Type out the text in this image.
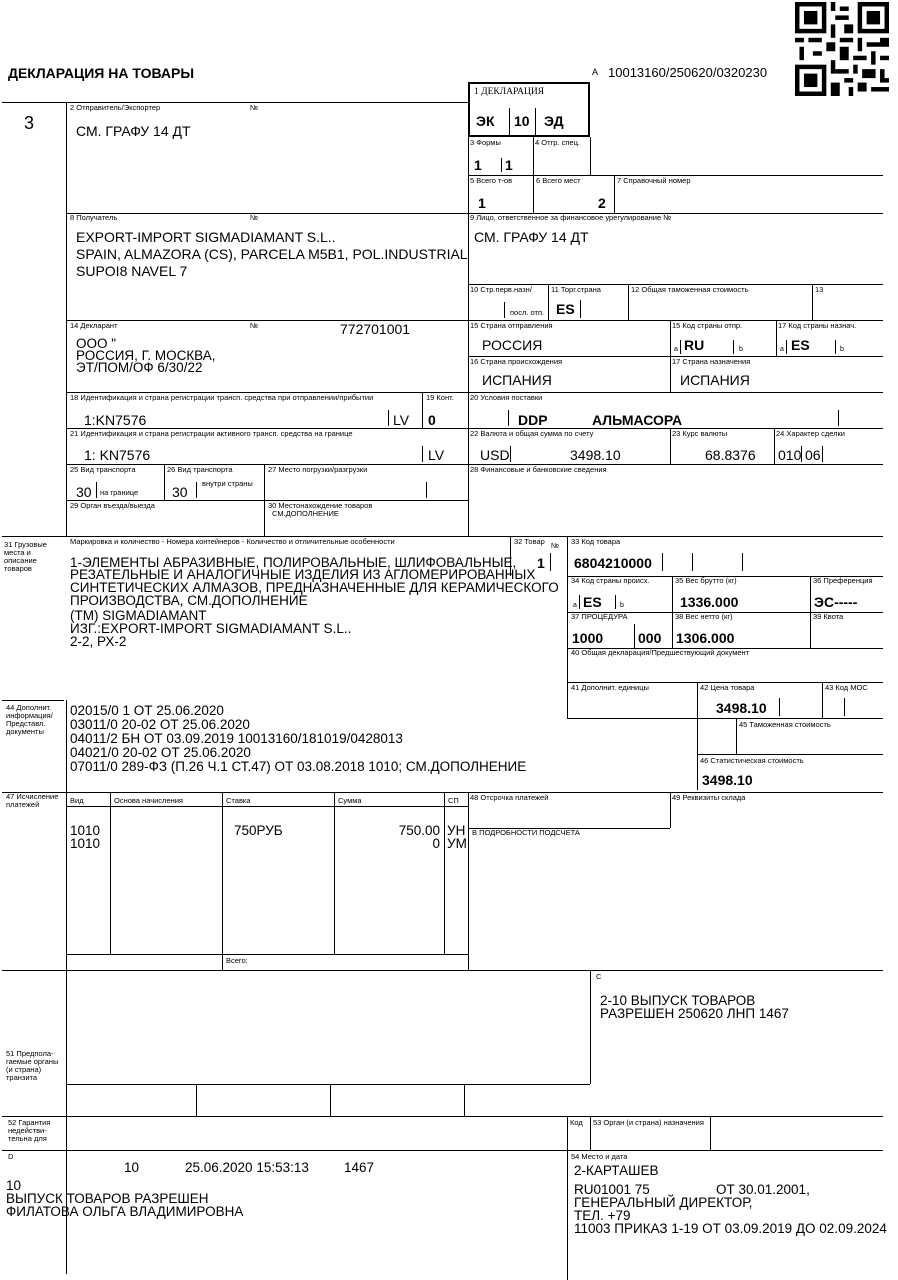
ДЕКЛАРАЦИЯ НА ТОВАРЫ	A 10013160/250620/0320230
3
1 ДЕКЛАРАЦИЯ
ЭК 10 ЭД
3 Формы	4 Отгр. спец.
1 1
5 Всего т-ов
1
6 Всего мест
2
7 Справочный номер
2 Отправитель/Экспортер	№
СМ. ГРАФУ 14 ДТ
8 Получатель	№
EXPORT-IMPORT SIGMADIAMANT S.L..
SPAIN, ALMAZORA (CS), PARCELA M5B1, POL.INDUSTRIAL
SUPOI8 NAVEL 7
9 Лицо, ответственное за финансовое урегулирование №
СМ. ГРАФУ 14 ДТ
10 Стр.перв.назн/
посл. отп.
11 Торг.страна
ES
12 Общая таможенная стоимость	13
14 Декларант	№	772701001
ООО "
РОССИЯ, Г. МОСКВА,
ЭТ/ПОМ/ОФ 6/30/22
15 Страна отправления
РОССИЯ
15 Код страны отпр.
a RU	b
17 Код страны назнач.
a ES	b
16 Страна происхождения
ИСПАНИЯ
17 Страна назначения
ИСПАНИЯ
18 Идентификация и страна регистрации трансп. средства при отправлении/прибытии
1:KN7576	LV
19 Конт.
0
20 Условия поставки
DDP	АЛЬМАСОРА
21 Идентификация и страна регистрации активного трансп. средства на границе
1: KN7576	LV
22 Валюта и общая сумма по счету
USD	3498.10
23 Курс валюты
68.8376
24 Характер сделки
010 06
25 Вид транспорта
на границе
30
26 Вид транспорта
внутри страны
30
27 Место погрузки/разгрузки	28 Финансовые и банковские сведения
29 Орган въезда/выезда	30 Местонахождение товаров
СМ.ДОПОЛНЕНИЕ
31 Грузовые
места и
описание
товаров
Маркировка и количество - Номера контейнеров - Количество и отличительные особенности
1-ЭЛЕМЕНТЫ АБРАЗИВНЫЕ, ПОЛИРОВАЛЬНЫЕ, ШЛИФОВАЛЬНЫЕ,
РЕЗАТЕЛЬНЫЕ И АНАЛОГИЧНЫЕ ИЗДЕЛИЯ ИЗ АГЛОМЕРИРОВАННЫХ
СИНТЕТИЧЕСКИХ АЛМАЗОВ, ПРЕДНАЗНАЧЕННЫЕ ДЛЯ КЕРАМИЧЕСКОГО
ПРОИЗВОДСТВА, СМ.ДОПОЛНЕНИЕ
(ТМ) SIGMADIAMANT
ИЗГ.:EXPORT-IMPORT SIGMADIAMANT S.L..
2-2, РХ-2
32 Товар №
1
33 Код товара
6804210000
34 Код страны происх.
a ES	b
35 Вес брутто (кг)
1336.000
36 Преференция
ЭС-----
37 ПРОЦЕДУРА
1000 000
38 Вес нетто (кг)
1306.000
39 Квота
40 Общая декларация/Предшествующий документ
41 Дополнит. единицы	42 Цена товара
3498.10
43 Код МОС
44 Дополнит.
информация/
Представл.
документы
02015/0 1 ОТ 25.06.2020
03011/0 20-02 ОТ 25.06.2020
04011/2 БН ОТ 03.09.2019 10013160/181019/0428013
04021/0 20-02 ОТ 25.06.2020
07011/0 289-ФЗ (П.26 Ч.1 СТ.47) ОТ 03.08.2018 1010; СМ.ДОПОЛНЕНИЕ
45 Таможенная стоимость
46 Статистическая стоимость
3498.10
47 Исчисление
платежей	Вид	Основа начисления	Ставка	Сумма	СП
1010	750РУБ	750.00 УН
1010	0 УМ
Всего:
48 Отсрочка платежей
В ПОДРОБНОСТИ ПОДСЧЕТА
49 Реквизиты склада
C
2-10 ВЫПУСК ТОВАРОВ
РАЗРЕШЕН 250620 ЛНП 1467
51 Предпола-
гаемые органы
(и страна)
транзита
52 Гарантия
недействи-
тельна для
Код 53 Орган (и страна) назначения
D
10	25.06.2020 15:53:13	1467
10
ВЫПУСК ТОВАРОВ РАЗРЕШЕН
ФИЛАТОВА ОЛЬГА ВЛАДИМИРОВНА
54 Место и дата
2-КАРТАШЕВ
RU01001 75	ОТ 30.01.2001,
ГЕНЕРАЛЬНЫЙ ДИРЕКТОР,
ТЕЛ. +79
11003 ПРИКАЗ 1-19 ОТ 03.09.2019 ДО 02.09.2024
